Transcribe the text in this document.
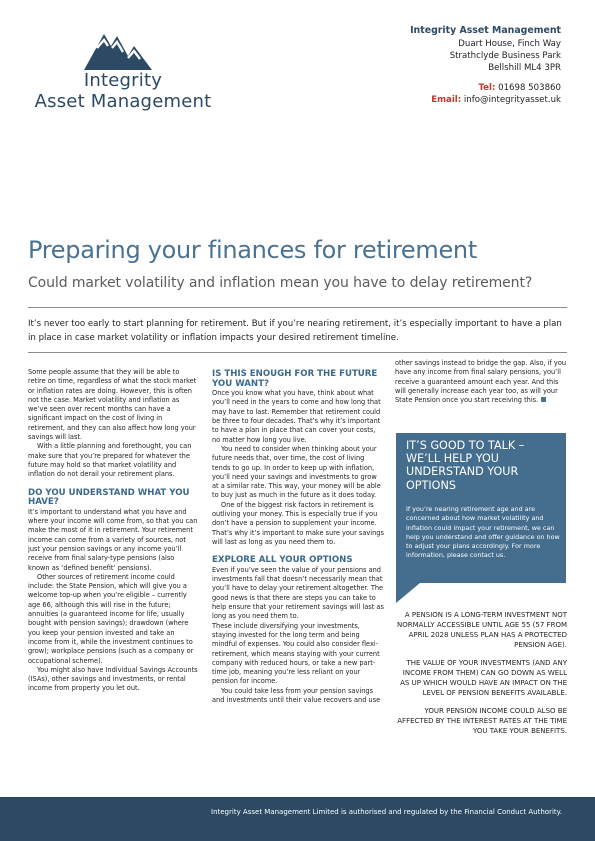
Integrity
Asset Management
Integrity Asset Management
Duart House, Finch Way
Strathclyde Business Park
Bellshill ML4 3PR
Tel: 01698 503860
Email: info@integrityasset.uk
Preparing your finances for retirement
Could market volatility and inflation mean you have to delay retirement?
It’s never too early to start planning for retirement. But if you’re nearing retirement, it’s especially important to have a plan in place in case market volatility or inflation impacts your desired retirement timeline.

Some people assume that they will be able to retire on time, regardless of what the stock market or inflation rates are doing. However, this is often not the case. Market volatility and inflation as we’ve seen over recent months can have a significant impact on the cost of living in retirement, and they can also affect how long your savings will last.

With a little planning and forethought, you can make sure that you’re prepared for whatever the future may hold so that market volatility and inflation do not derail your retirement plans.

DO YOU UNDERSTAND WHAT YOU HAVE?

It’s important to understand what you have and where your income will come from, so that you can make the most of it in retirement. Your retirement income can come from a variety of sources, not just your pension savings or any income you’ll receive from final salary-type pensions (also known as ‘defined benefit’ pensions).

Other sources of retirement income could include: the State Pension, which will give you a welcome top-up when you’re eligible – currently age 66, although this will rise in the future; annuities (a guaranteed income for life, usually bought with pension savings); drawdown (where you keep your pension invested and take an income from it, while the investment continues to grow); workplace pensions (such as a company or occupational scheme).

You might also have Individual Savings Accounts (ISAs), other savings and investments, or rental income from property you let out.

IS THIS ENOUGH FOR THE FUTURE YOU WANT?

Once you know what you have, think about what you’ll need in the years to come and how long that may have to last. Remember that retirement could be three to four decades. That’s why it’s important to have a plan in place that can cover your costs, no matter how long you live.

You need to consider when thinking about your future needs that, over time, the cost of living tends to go up. In order to keep up with inflation, you’ll need your savings and investments to grow at a similar rate. This way, your money will be able to buy just as much in the future as it does today.

One of the biggest risk factors in retirement is outliving your money. This is especially true if you don’t have a pension to supplement your income. That’s why it’s important to make sure your savings will last as long as you need them to.

EXPLORE ALL YOUR OPTIONS

Even if you’ve seen the value of your pensions and investments fall that doesn’t necessarily mean that you’ll have to delay your retirement altogether. The good news is that there are steps you can take to help ensure that your retirement savings will last as long as you need them to.

These include diversifying your investments, staying invested for the long term and being mindful of expenses. You could also consider flexi-retirement, which means staying with your current company with reduced hours, or take a new part-time job, meaning you’re less reliant on your pension for income.

You could take less from your pension savings and investments until their value recovers and use

other savings instead to bridge the gap. Also, if you have any income from final salary pensions, you’ll receive a guaranteed amount each year. And this will generally increase each year too, as will your State Pension once you start receiving this.

IT’S GOOD TO TALK – WE’LL HELP YOU UNDERSTAND YOUR OPTIONS
If you’re nearing retirement age and are concerned about how market volatility and inflation could impact your retirement, we can help you understand and offer guidance on how to adjust your plans accordingly. For more information, please contact us.

A PENSION IS A LONG-TERM INVESTMENT NOT NORMALLY ACCESSIBLE UNTIL AGE 55 (57 FROM APRIL 2028 UNLESS PLAN HAS A PROTECTED PENSION AGE).

THE VALUE OF YOUR INVESTMENTS (AND ANY INCOME FROM THEM) CAN GO DOWN AS WELL AS UP WHICH WOULD HAVE AN IMPACT ON THE LEVEL OF PENSION BENEFITS AVAILABLE.

YOUR PENSION INCOME COULD ALSO BE AFFECTED BY THE INTEREST RATES AT THE TIME YOU TAKE YOUR BENEFITS.

Integrity Asset Management Limited is authorised and regulated by the Financial Conduct Authority.
